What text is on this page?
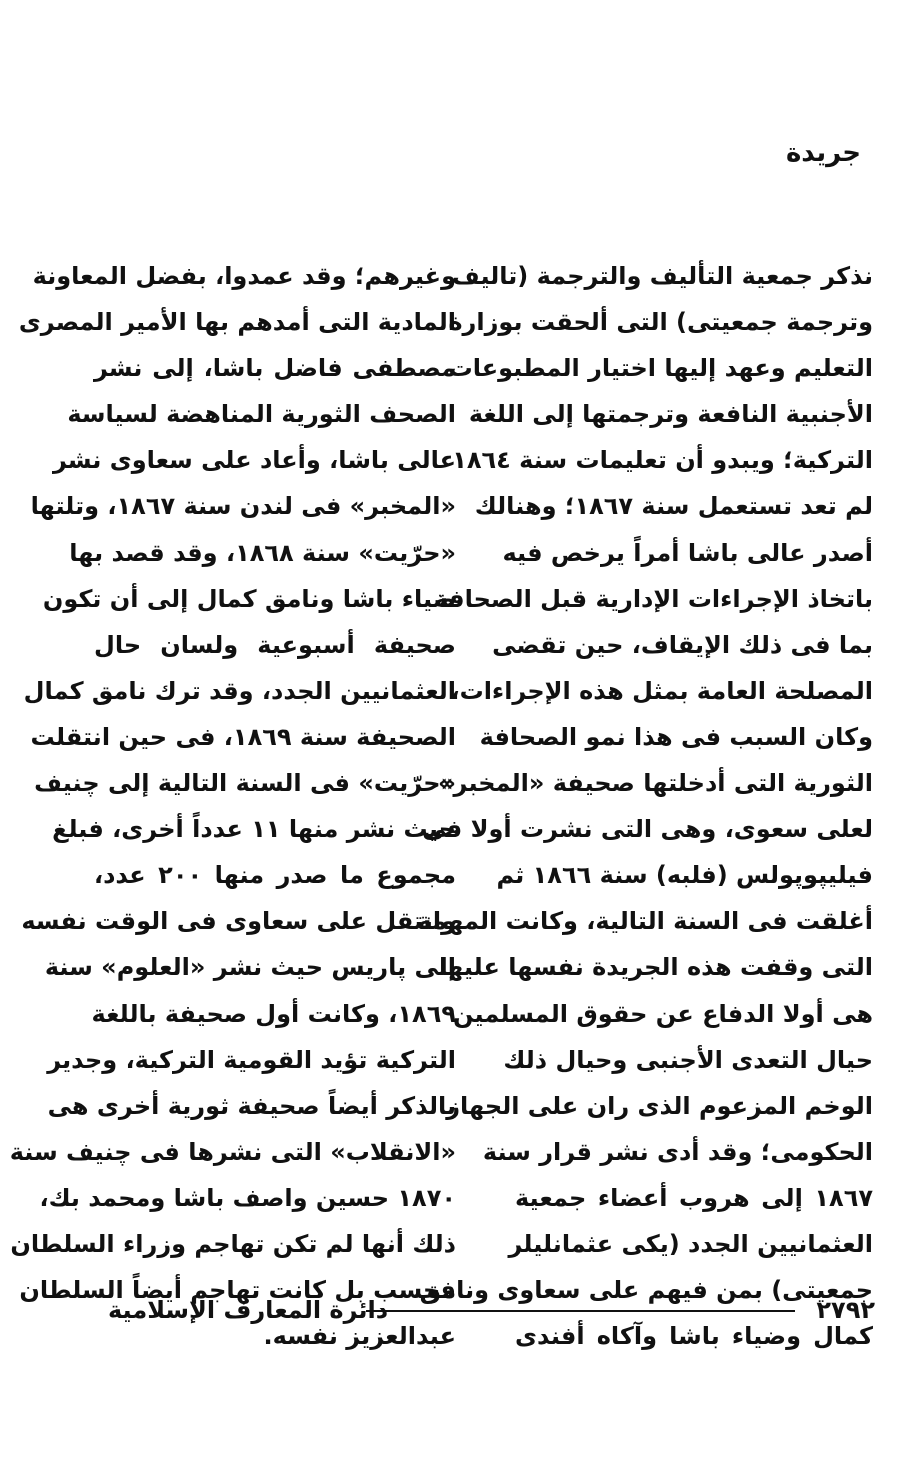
جريدة
نذكر جمعية التأليف والترجمة (تاليف
وترجمة جمعيتى) التى ألحقت بوزارة
التعليم وعهد إليها اختيار المطبوعات
الأجنبية النافعة وترجمتها إلى اللغة
التركية؛ ويبدو أن تعليمات سنة ١٨٦٤
لم تعد تستعمل سنة ١٨٦٧؛ وهنالك
أصدر عالى باشا أمراً يرخص فيه
باتخاذ الإجراءات الإدارية قبل الصحافة
بما فى ذلك الإيقاف، حين تقضى
المصلحة العامة بمثل هذه الإجراءات،
وكان السبب فى هذا نمو الصحافة
الثورية التى أدخلتها صحيفة «المخبر»
لعلى سعوى، وهى التى نشرت أولا فى
فيليپوپولس (فلبه) سنة ١٨٦٦ ثم
أغلقت فى السنة التالية، وكانت المهمة
التى وقفت هذه الجريدة نفسها عليها
هى أولا الدفاع عن حقوق المسلمين
حيال التعدى الأجنبى وحيال ذلك
الوخم المزعوم الذى ران على الجهاز
الحكومى؛ وقد أدى نشر قرار سنة
١٨٦٧ إلى هروب أعضاء جمعية
العثمانيين الجدد (يكى عثمانليلر
جمعيتى) بمن فيهم على سعاوى ونامق
كمال وضياء باشا وآكاه أفندى
وغيرهم؛ وقد عمدوا، بفضل المعاونة
المادية التى أمدهم بها الأمير المصرى
مصطفى فاضل باشا، إلى نشر
الصحف الثورية المناهضة لسياسة
عالى باشا، وأعاد على سعاوى نشر
«المخبر» فى لندن سنة ١٨٦٧، وتلتها
«حرّيت» سنة ١٨٦٨، وقد قصد بها
ضياء باشا ونامق كمال إلى أن تكون
صحيفة أسبوعية ولسان حال
العثمانيين الجدد، وقد ترك نامق كمال
الصحيفة سنة ١٨٦٩، فى حين انتقلت
«حرّيت» فى السنة التالية إلى چنيف
حيث نشر منها ١١ عدداً أخرى، فبلغ
مجموع ما صدر منها ٢٠٠ عدد،
وانتقل على سعاوى فى الوقت نفسه
إلى پاريس حيث نشر «العلوم» سنة
١٨٦٩، وكانت أول صحيفة باللغة
التركية تؤيد القومية التركية، وجدير
بالذكر أيضاً صحيفة ثورية أخرى هى
«الانقلاب» التى نشرها فى چنيف سنة
١٨٧٠ حسين واصف باشا ومحمد بك،
ذلك أنها لم تكن تهاجم وزراء السلطان
فحسب بل كانت تهاجم أيضاً السلطان
عبدالعزيز نفسه.
٢٧٩٢
دائرة المعارف الإسلامية
